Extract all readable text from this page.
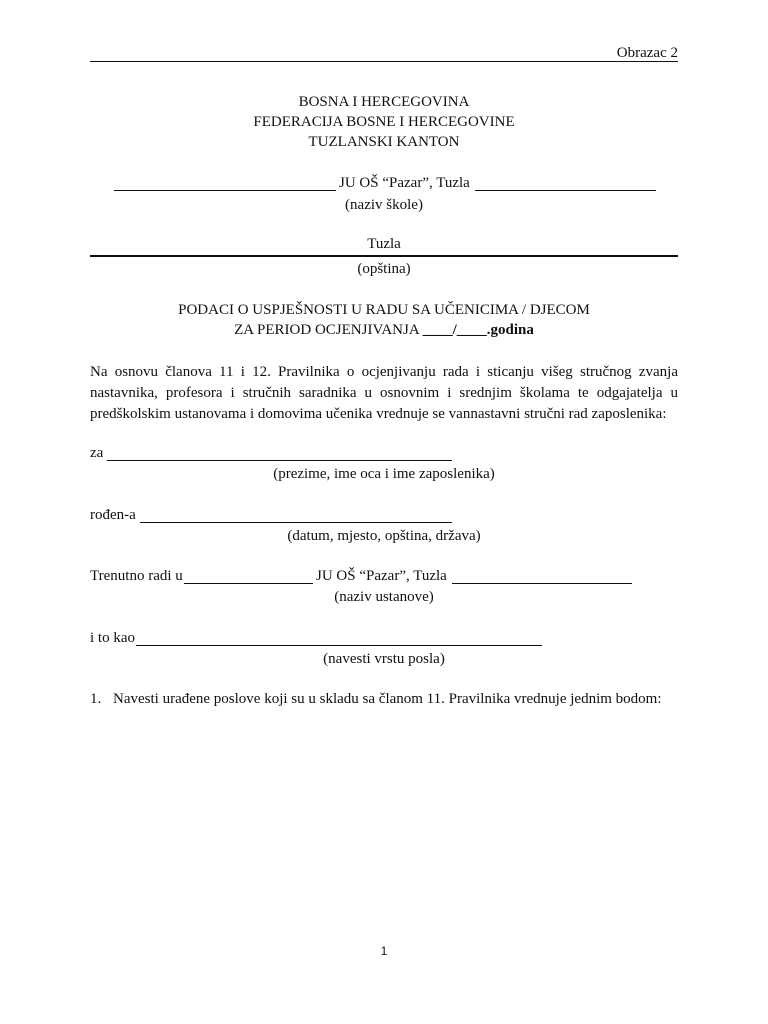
Obrazac 2
BOSNA I HERCEGOVINA
FEDERACIJA BOSNE I HERCEGOVINE
TUZLANSKI KANTON
JU OŠ “Pazar”, Tuzla
(naziv škole)
Tuzla
(opština)
PODACI O USPJEŠNOSTI U RADU SA UČENICIMA / DJECOM
ZA PERIOD OCJENJIVANJA ____/____.godina
Na osnovu članova 11 i 12. Pravilnika o ocjenjivanju rada i sticanju višeg stručnog zvanja nastavnika, profesora i stručnih saradnika u osnovnim i srednjim školama te odgajatelja u predškolskim ustanovama i domovima učenika vrednuje se vannastavni stručni rad zaposlenika:
za
(prezime, ime oca i ime zaposlenika)
rođen-a
(datum, mjesto, opština, država)
Trenutno radi u	JU OŠ “Pazar”, Tuzla
(naziv ustanove)
i to kao
(navesti vrstu posla)
1. Navesti urađene poslove koji su u skladu sa članom 11. Pravilnika vrednuje jednim bodom:
1
